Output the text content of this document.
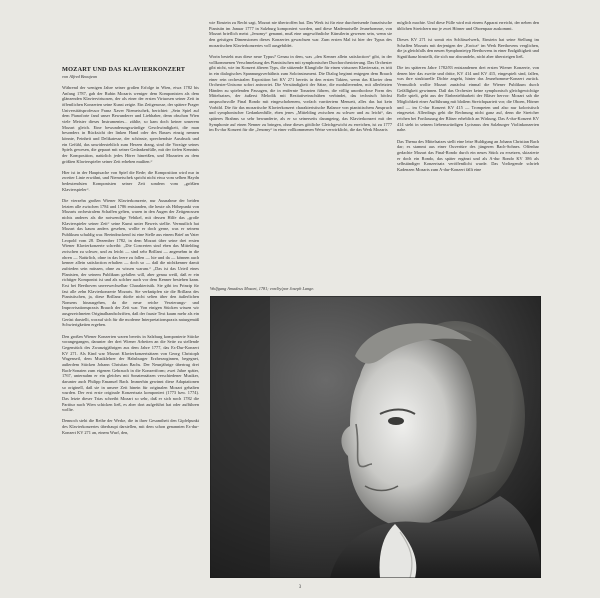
MOZART UND DAS KLAVIERKONZERT
von Alfred Beaujean

Während der wenigen Jahre seiner großen Erfolge in Wien, etwa 1782 bis Anfang 1787, gab der Rubin Mozarts weniger dem Komponisten als dem glänzenden Klaviervirtuosen, der als einer der ersten Virtuosen seiner Zeit in öffentlichen Konzerten seine Kunst zeigte. Ein Zeitgenosse, der spätere Prager Universitätsprofessor Franz Xaver Niemetschek, berichtet: „Sein Spiel auf dem Pianoforte fand unser Bewunderer und Liebhaber, denn obschon Wien viele Meister dieses Instrumentes... zählte, so kam doch keiner unserem Mozart gleich. Eine bewunderungswürdige Geschwindigkeit, die man besonders in Rücksicht der linken Hand oder des Basses einzig nennen könnte, Feinheit und Delikatesse, der schönste, sprechendste Ausdruck und ein Gefühl, das unwiderstehlich zum Herzen drang, sind die Vorzüge seines Spiels gewesen, die gepaart mit seiner Gedankenfülle, mit der tiefen Kenntnis der Komposition, natürlich jedes Hörer hinreißen, und Mozarten zu dem größten Klavierspieler seiner Zeit erheben mußten.“

Hier ist in der Hauptsache von Spiel die Rede; die Komposition wird nur in zweiter Linie erwähnt, und Niemetschek spricht nicht etwa vom selben Haydn bedeutendsten Komponisten seiner Zeit sondern vom „größten Klavierspieler“.

Die vierzehn großen Wiener Klavierkonzerte, nur Ausnahme der beiden letzten alle zwischen 1784 und 1786 entstanden, die heute als Höhepunkt von Mozarts orchestralem Schaffen gelten, waren in den Augen der Zeitgenossen nichts anderes als die notwendige Vehikel, mit dessen Hilfe das „große Klavierspieler seiner Zeit“ seine Kunst unter Beweis stellte. Vermutlich hat Mozart das kaum anders gesehen, wollte er doch gerne, was er seinem Publikum schuldig war. Beeindruckend ist eine Stelle aus einem Brief an Vater Leopold vom 28. Dezember 1782, in dem Mozart über seine drei ersten Wiener Klavierkonzerte schreibt: „Die Concerten sind eben das Mittelding zwischen zu schwer, und zu leicht — sind sehr Brillant — angenehm in die ohren — Natürlich, ohne in das leere zu fallen — hie und da — können auch kenner allein satisfaction erhalten — doch so — daß die nichtkenner damit zufrieden sein müssen, ohne zu wissen warum.“ „Das ist das Urteil eines Planisten, der seinem Publikum gefallen will, aber genau weiß, daß er ein richtiger Komponist ist und als solcher auch vor dem Kenner bestehen kann. Erst bei Beethoven unverwechselbar Charakteristik. Sie gibt im Prinzip für fast alle zehn Klavierkonzerte Mozarts. Sie verknüpfen sie die Brillanz des Pianistischen, ja, diese Brillanz dürfte nicht selten über den äußerlichen Nonsens hinausgehen, da die neue reiche Verzierungs- und Improvisationspraxis Brauch der Zeit war. Von einigen Stücken wissen wir ausgezeichneten Originalhandschriften, daß der fauste Text kaum mehr als ein Gerüst darstellt, worauf sich für die moderne Interpretationspraxis naturgemäß Schwierigkeiten ergeben.

Den großen Wiener Konzerten waren bereits in Salzburg komponierte Stücke vorangegangen, darunter der drei Wiener Arbeiten an die Seite zu stellende Gegenstück des Zwanzigjährigen aus dem Jahre 1777, das Es-Dur-Konzert KV 271. Als Kind war Mozart Klavierkonzertsätzen von Georg Christoph Wagenseil, dem Musiklehrer der Habsburger Erzherzoginnen, begegnet, außerdem Stücken Johann Christian Bachs. Der Neunjährige übertrug drei Bach-Sonaten zum eigenen Gebrauch in die Konzertform; zwei Jahre später, 1767, unternahm er ein gleiches mit Sonatensätzen verschiedener Musiker, darunter auch Philipp Emanuel Bach. Immerhin gewinnt diese Adaptationen so originell, daß sie in unsere Zeit hinein für originalen Mozart gehalten wurden. Der erst erste originale Konzertsatz komponiert (1773 bzw. 1774). Das letzte dieser Trias schreibt Mozart so sehr, daß er sich noch 1782 die Partitur nach Wien schicken ließ, es aber dort aufgeführt hat oder aufführen wollte.

Dennoch steht die Reihe der Werke, die in ihrer Gesamtheit den Gipfelpunkt des Klavierkonzertes überhaupt darstellen, mit dem schon genannten Es-dur-Konzert KV 271 an, einem Wurf, den,

wie Einstein zu Recht sagt, Mozart nie übertroffen hat. Das Werk ist für eine durchreisende französische Pianistin im Januar 1777 in Salzburg komponiert worden, und diese Mademoiselle Jeunehomme, von Mozart brieflich meist „Jenomy“ genannt, muß eine ungewöhnliche Künstlerin gewesen sein, wenn sie den geistigen Dimensionen dieses Konzertes gewachsen war. Zum ersten Mal ist hier der Typus des mozartischen Klavierkonzertes voll ausgebildet.

Worin besteht nun diese neue Typus? Genau in dem, was „den Kenner allein satisfaction“ gibt, in der vollkommenen Verschmelzung des Pianistischen mit symphonischer Durchorchestrierung. Das Orchester gibt nicht, wie im Konzert älteren Typs, die stützende Klangfolie für einen virtuosen Klaviersatz, es tritt in ein dialogisches Spannungsverhältnis zum Soloinstrument. Die Dialog beginnt entgegen dem Brauch einer rein orchestralen Exposition bei KV 271 bereits in den ersten Takten, wenn das Klavier dem Orchester-Unisono sofort antwortet. Die Verständigkeit der Sätze, die modulierenden, mit allerletzten Händen zu spielenden Passagen, die in entfernte Tonarten führen, die völlig unorthodoxe Form des Mittelsatzes, der äußerst Melodik mit Rezitativeinschüben verbindet, das technisch höchst anspruchsvolle Final Rondo mit eingeschobenem, vorfach varriiertem Menuett, alles das hat kein Vorbild. Die für das mozartische Klavierkonzert charakteristische Balance von pianistischem Anspruch und symphonischer Gedankenfülle, eben jenes „Mittelding zwischen zu schwer und zu leicht“, das späteres Brahms so sehr bewunderte, als er so seinerseits darangeing, das Klavierkonzert mit der Symphonie auf einen Nenner zu bringen, ohne dieses göttliche Gleichgewicht zu erreichen, ist zu 1777 im Es-dur Konzert für die „Jenomy“ in einer vollkommenen Weise verwirklicht, die das Werk Mozarts

möglich machte. Und diese Fülle wird mit einem Apparat erreicht, der neben den üblichen Streichern nur je zwei Hörner und Oboenpaar auskommt.

Dieses KV 271 ist somit ein Schlüsselwerk, Einstein hat seine Stellung im Schaffen Mozarts mit derjenigen der „Eroica“ im Werk Beethovens verglichen, die ja gleichfalls den neuen Symphonietyp Beethovens in einer Endgültigkeit und Signifikanz hinstellt, die sich nur abwandeln, nicht aber übersteigen ließ.

Die im späteren Jahre 1782/83 entstandenen drei ersten Wiener Konzerte, von denen hier das zweite und dritte, KV 414 und KV 415, eingespielt sind, fallen, was ihre strukturelle Dichte angeht, hinter das Jeunehomme-Konzert zurück. Vermutlich wollte Mozart zunächst einmal die Wiener Publikum durch Gefälligkeit gewinnen. Daß das Orchester keine symphonisch gleichgewichtige Rolle spielt, geht aus der Einbeziehbarkeit der Bläser hervor: Mozart sah die Möglichkeit einer Aufführung mit bloßem Streichquartett vor; die Oboen, Hörner und — im C-dur Konzert KV 415 — Trompeten und also nur koloristisch eingesetzt. Allerdings geht die Rechnung nicht ganz auf, denn die Streicher reichen bei Fortlassung der Bläser erheblich an Wirkung. Das A-dur-Konzert KV 414 steht in seinem liebenswürdigen Lyrismus den Salzburger Violinkonzerten nahe.

Das Thema des Mittelsatzes stellt eine leise Huldigung an Johann Christian Bach dar; es stammt aus einer Ouvertüre des jüngeren Bach-Sohnes. Offenbar gedachte Mozart das Final-Rondo durch ein neues Stück zu ersetzen, skizzierte er doch ein Rondo, das später ergänzt und als A-dur Rondo KV 386 als selbständiger Konzertsatz veröffentlicht wurde. Das Vorliegende schrieb Kadenzen Mozarts zum A-dur-Konzert fällt eine

Wolfgang Amadeus Mozart, 1781; von/by/par Joseph Lange.
3
